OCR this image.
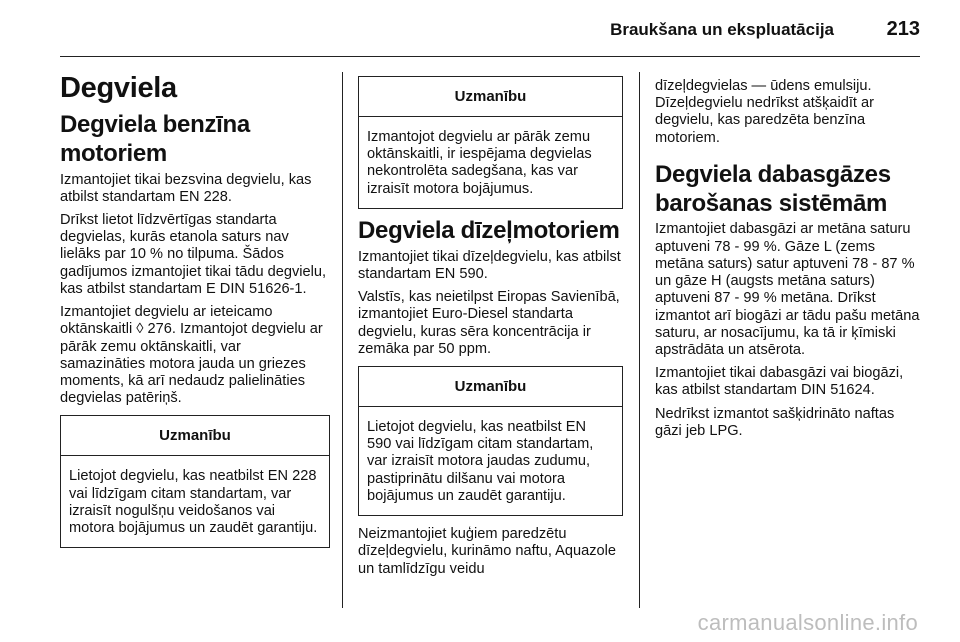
Braukšana un ekspluatācija	213
Degviela
Degviela benzīna motoriem

Izmantojiet tikai bezsvina degvielu, kas atbilst standartam EN 228.

Drīkst lietot līdzvērtīgas standarta degvielas, kurās etanola saturs nav lielāks par 10 % no tilpuma. Šādos gadījumos izmantojiet tikai tādu degvielu, kas atbilst standartam E DIN 51626-1.

Izmantojiet degvielu ar ieteicamo oktānskaitli ◊ 276. Izmantojot degvielu ar pārāk zemu oktānskaitli, var samazināties motora jauda un griezes moments, kā arī nedaudz palielināties degvielas patēriņš.

Uzmanību
Lietojot degvielu, kas neatbilst EN 228 vai līdzīgam citam standartam, var izraisīt nogulšņu veidošanos vai motora bojājumus un zaudēt garantiju.
Uzmanību
Izmantojot degvielu ar pārāk zemu oktānskaitli, ir iespējama degvielas nekontrolēta sadegšana, kas var izraisīt motora bojājumus.
Degviela dīzeļmotoriem

Izmantojiet tikai dīzeļdegvielu, kas atbilst standartam EN 590.

Valstīs, kas neietilpst Eiropas Savienībā, izmantojiet Euro-Diesel standarta degvielu, kuras sēra koncentrācija ir zemāka par 50 ppm.

Uzmanību
Lietojot degvielu, kas neatbilst EN 590 vai līdzīgam citam standartam, var izraisīt motora jaudas zudumu, pastiprinātu dilšanu vai motora bojājumus un zaudēt garantiju.

Neizmantojiet kuģiem paredzētu dīzeļdegvielu, kurināmo naftu, Aquazole un tamlīdzīgu veidu

dīzeļdegvielas — ūdens emulsiju. Dīzeļdegvielu nedrīkst atšķaidīt ar degvielu, kas paredzēta benzīna motoriem.

Degviela dabasgāzes barošanas sistēmām

Izmantojiet dabasgāzi ar metāna saturu aptuveni 78 - 99 %. Gāze L (zems metāna saturs) satur aptuveni 78 - 87 % un gāze H (augsts metāna saturs) aptuveni 87 - 99 % metāna. Drīkst izmantot arī biogāzi ar tādu pašu metāna saturu, ar nosacījumu, ka tā ir ķīmiski apstrādāta un atsērota.

Izmantojiet tikai dabasgāzi vai biogāzi, kas atbilst standartam DIN 51624.

Nedrīkst izmantot sašķidrināto naftas gāzi jeb LPG.

carmanualsonline.info
